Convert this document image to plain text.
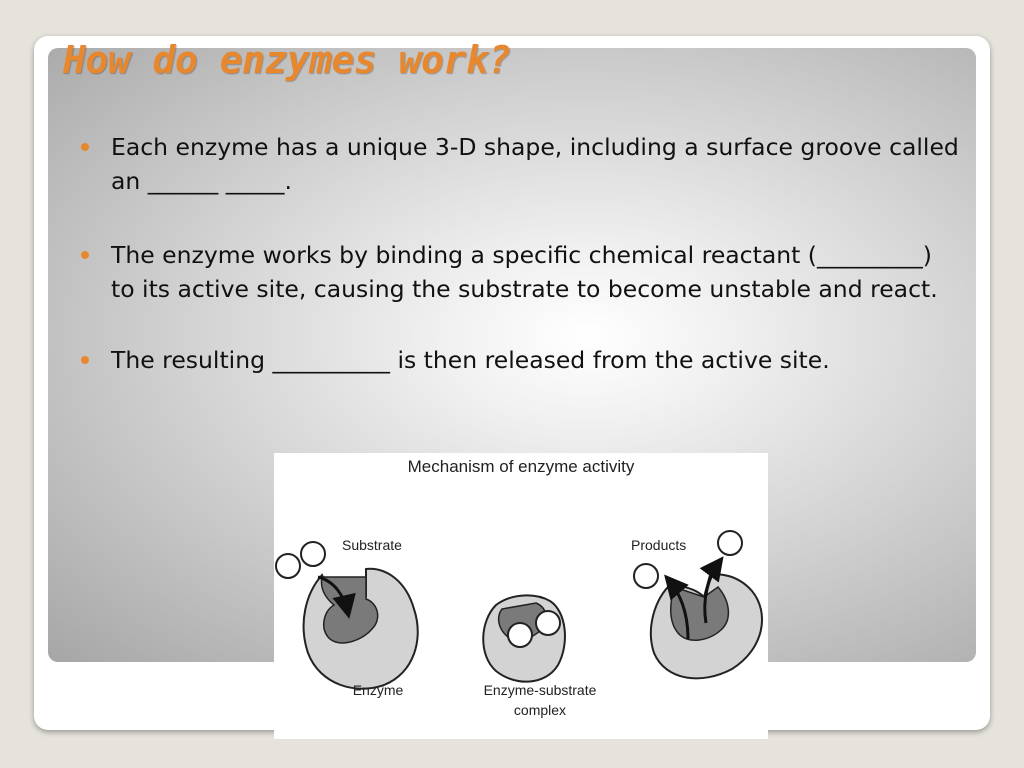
How do enzymes work?
Each enzyme has a unique 3-D shape, including a surface groove called an ______ _____.
The enzyme works by binding a specific chemical reactant (_________) to its active site, causing the substrate to become unstable and react.
The resulting __________ is then released from the active site.
Mechanism of enzyme activity
Substrate
Enzyme	Enzyme-substrate
complex
Products
